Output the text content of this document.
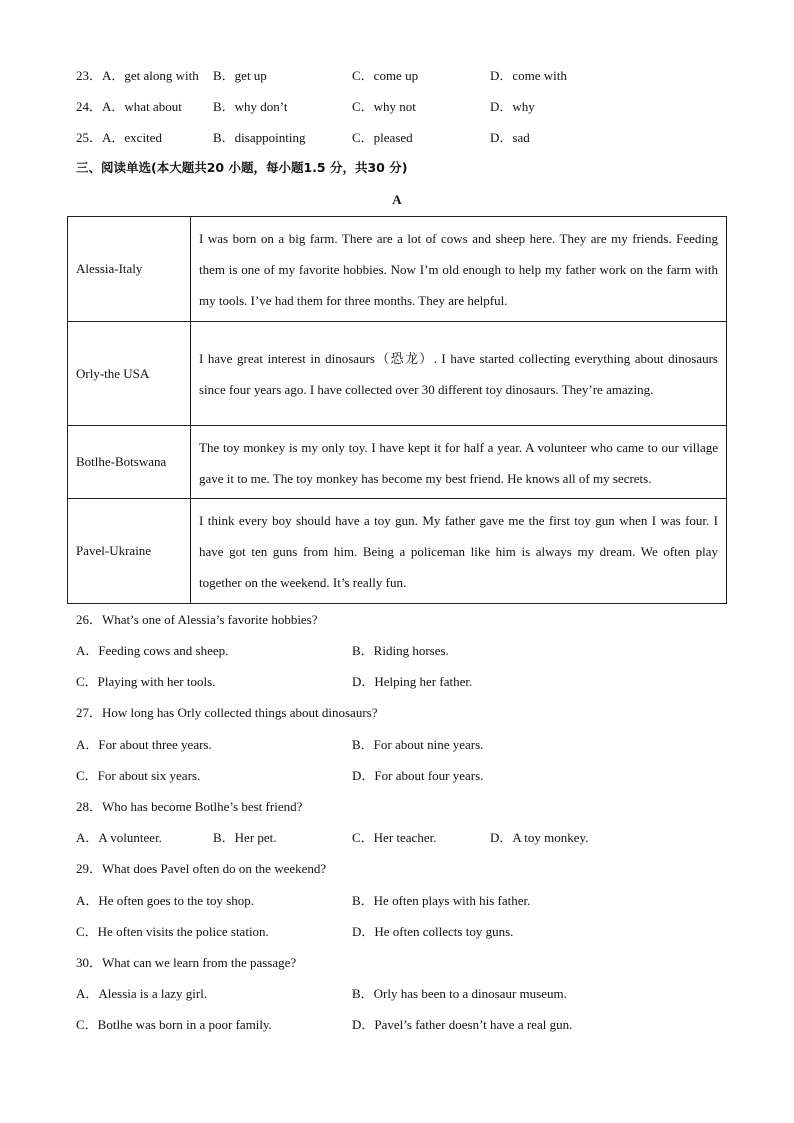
23．A．get along with B．get up	C．come up	D．come with
24．A．what about B．why don’t	C．why not	D．why
25．A．excited	B．disappointing	C．pleased	D．sad
三、阅读单选(本大题共20 小题，每小题1.5 分，共30 分)
A
Alessia-Italy	I was born on a big farm. There are a lot of cows and sheep here. They are my friends. Feeding them is one of my favorite hobbies. Now I’m old enough to help my father work on the farm with my tools. I’ve had them for three months. They are helpful.
Orly-the USA	I have great interest in dinosaurs（恐龙）. I have started collecting everything about dinosaurs since four years ago. I have collected over 30 different toy dinosaurs. They’re amazing.
Botlhe-Botswana	The toy monkey is my only toy. I have kept it for half a year. A volunteer who came to our village gave it to me. The toy monkey has become my best friend. He knows all of my secrets.
Pavel-Ukraine	I think every boy should have a toy gun. My father gave me the first toy gun when I was four. I have got ten guns from him. Being a policeman like him is always my dream. We often play together on the weekend. It’s really fun.
26．What’s one of Alessia’s favorite hobbies?
A．Feeding cows and sheep.	B．Riding horses.
C．Playing with her tools.	D．Helping her father.
27．How long has Orly collected things about dinosaurs?
A．For about three years.	B．For about nine years.
C．For about six years.	D．For about four years.
28．Who has become Botlhe’s best friend?
A．A volunteer.	B．Her pet.	C．Her teacher.	D．A toy monkey.
29．What does Pavel often do on the weekend?
A．He often goes to the toy shop.	B．He often plays with his father.
C．He often visits the police station.	D．He often collects toy guns.
30．What can we learn from the passage?
A．Alessia is a lazy girl.	B．Orly has been to a dinosaur museum.
C．Botlhe was born in a poor family.	D．Pavel’s father doesn’t have a real gun.
